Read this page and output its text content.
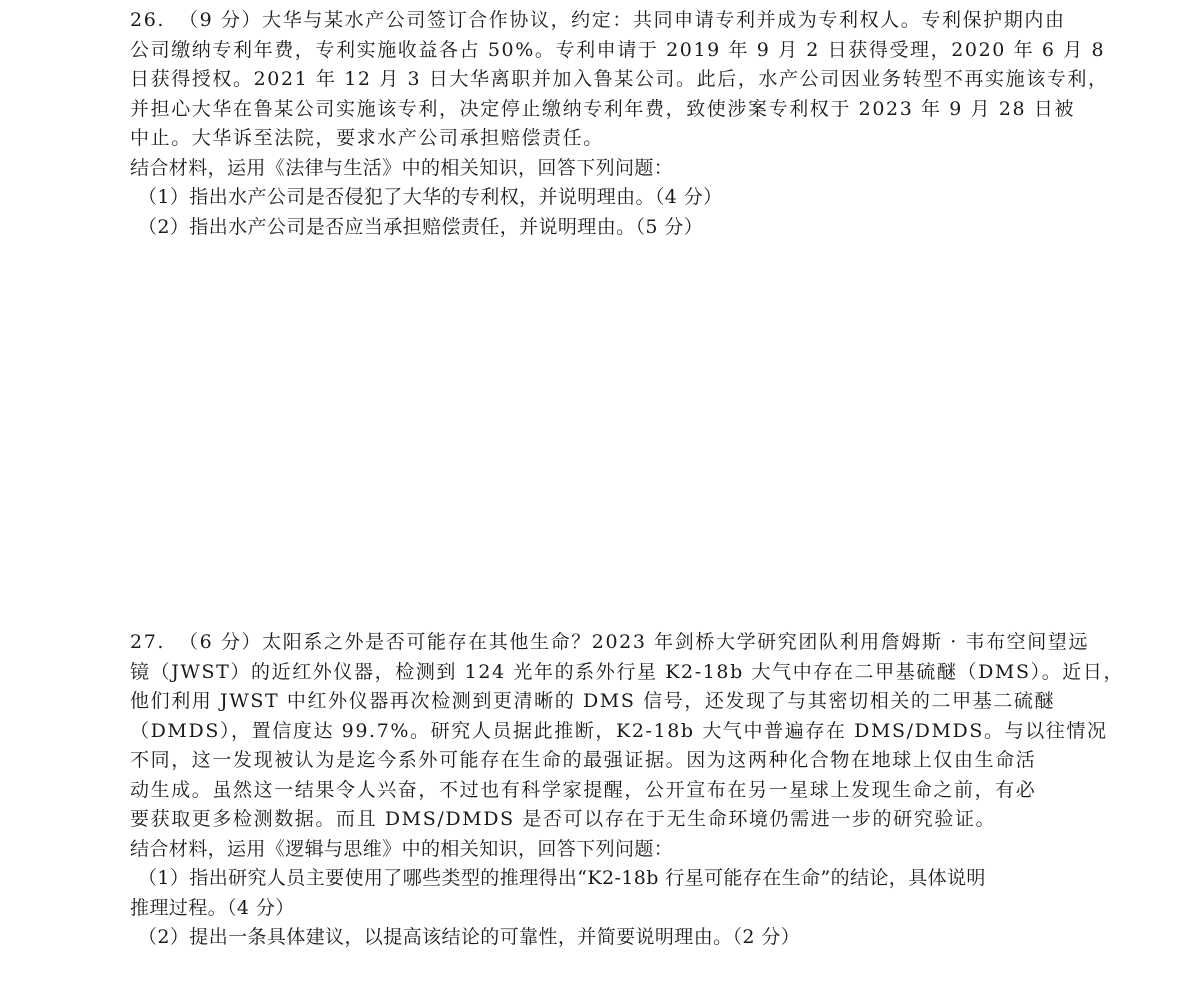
26. （9 分）大华与某水产公司签订合作协议，约定：共同申请专利并成为专利权人。专利保护期内由
公司缴纳专利年费，专利实施收益各占 50%。专利申请于 2019 年 9 月 2 日获得受理，2020 年 6 月 8
日获得授权。2021 年 12 月 3 日大华离职并加入鲁某公司。此后，水产公司因业务转型不再实施该专利，
并担心大华在鲁某公司实施该专利，决定停止缴纳专利年费，致使涉案专利权于 2023 年 9 月 28 日被
中止。大华诉至法院，要求水产公司承担赔偿责任。
结合材料，运用《法律与生活》中的相关知识，回答下列问题：
（1）指出水产公司是否侵犯了大华的专利权，并说明理由。（4 分）
（2）指出水产公司是否应当承担赔偿责任，并说明理由。（5 分）
27. （6 分）太阳系之外是否可能存在其他生命？2023 年剑桥大学研究团队利用詹姆斯 · 韦布空间望远
镜（JWST）的近红外仪器，检测到 124 光年的系外行星 K2-18b 大气中存在二甲基硫醚（DMS）。近日，
他们利用 JWST 中红外仪器再次检测到更清晰的 DMS 信号，还发现了与其密切相关的二甲基二硫醚
（DMDS），置信度达 99.7%。研究人员据此推断，K2-18b 大气中普遍存在 DMS/DMDS。与以往情况
不同，这一发现被认为是迄今系外可能存在生命的最强证据。因为这两种化合物在地球上仅由生命活
动生成。虽然这一结果令人兴奋，不过也有科学家提醒，公开宣布在另一星球上发现生命之前，有必
要获取更多检测数据。而且 DMS/DMDS 是否可以存在于无生命环境仍需进一步的研究验证。
结合材料，运用《逻辑与思维》中的相关知识，回答下列问题：
（1）指出研究人员主要使用了哪些类型的推理得出“K2-18b 行星可能存在生命”的结论，具体说明
推理过程。（4 分）
（2）提出一条具体建议，以提高该结论的可靠性，并简要说明理由。（2 分）
